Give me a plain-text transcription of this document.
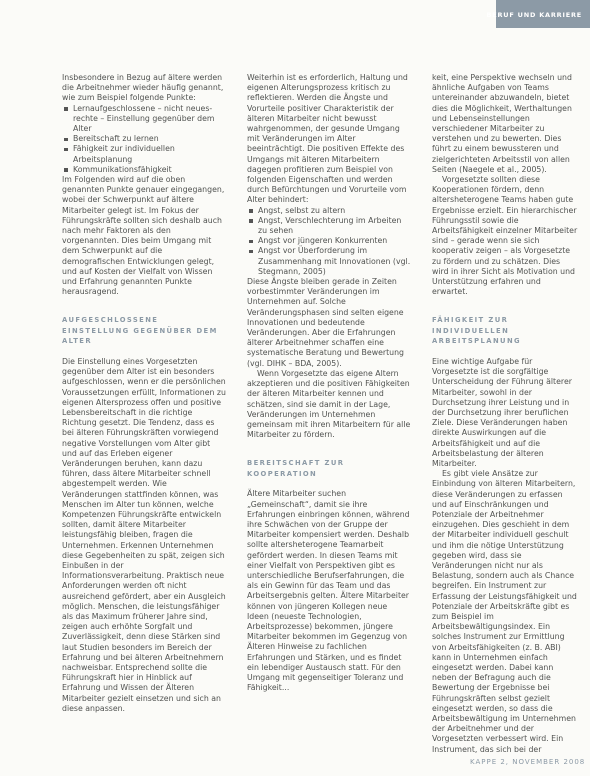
BERUF UND KARRIERE

Insbesondere in Bezug auf ältere werden die Arbeitnehmer wieder häufig genannt, wie zum Beispiel folgende Punkte:

Lernaufgeschlossene – nicht neues-rechte – Einstellung gegenüber dem Alter

Bereitschaft zu lernen

Fähigkeit zur individuellen Arbeitsplanung

Kommunikationsfähigkeit

Im Folgenden wird auf die oben genannten Punkte genauer eingegangen, wobei der Schwerpunkt auf ältere Mitarbeiter gelegt ist. Im Fokus der Führungskräfte sollten sich deshalb auch nach mehr Faktoren als den vorgenannten. Dies beim Umgang mit dem Schwerpunkt auf die demografischen Entwicklungen gelegt, und auf Kosten der Vielfalt von Wissen und Erfahrung genannten Punkte herausragend.

AUFGESCHLOSSENE EINSTELLUNG GEGENÜBER DEM ALTER

Die Einstellung eines Vorgesetzten gegenüber dem Alter ist ein besonders aufgeschlossen, wenn er die persönlichen Voraussetzungen erfüllt, Informationen zu eigenen Altersprozess offen und positive Lebensbereitschaft in die richtige Richtung gesetzt. Die Tendenz, dass es bei älteren Führungskräften vorwiegend negative Vorstellungen vom Alter gibt und auf das Erleben eigener Veränderungen beruhen, kann dazu führen, dass ältere Mitarbeiter schnell abgestempelt werden. Wie Veränderungen stattfinden können, was Menschen im Alter tun können, welche Kompetenzen Führungskräfte entwickeln sollten, damit ältere Mitarbeiter leistungsfähig bleiben, fragen die Unternehmen. Erkennen Unternehmen diese Gegebenheiten zu spät, zeigen sich Einbußen in der Informationsverarbeitung. Praktisch neue Anforderungen werden oft nicht ausreichend gefördert, aber ein Ausgleich möglich. Menschen, die leistungsfähiger als das Maximum früherer Jahre sind, zeigen auch erhöhte Sorgfalt und Zuverlässigkeit, denn diese Stärken sind laut Studien besonders im Bereich der Erfahrung und bei älteren Arbeitnehmern nachweisbar. Entsprechend sollte die Führungskraft hier in Hinblick auf Erfahrung und Wissen der Älteren Mitarbeiter gezielt einsetzen und sich an diese anpassen.

Weiterhin ist es erforderlich, Haltung und eigenen Alterungsprozess kritisch zu reflektieren. Werden die Ängste und Vorurteile positiver Charakteristik der älteren Mitarbeiter nicht bewusst wahrgenommen, der gesunde Umgang mit Veränderungen im Alter beeinträchtigt. Die positiven Effekte des Umgangs mit älteren Mitarbeitern dagegen profitieren zum Beispiel von folgenden Eigenschaften und werden durch Befürchtungen und Vorurteile vom Alter behindert:

Angst, selbst zu altern

Angst, Verschlechterung im Arbeiten zu sehen

Angst vor jüngeren Konkurrenten

Angst vor Überforderung im Zusammenhang mit Innovationen (vgl. Stegmann, 2005)

Diese Ängste bleiben gerade in Zeiten vorbestimmter Veränderungen im Unternehmen auf. Solche Veränderungsphasen sind selten eigene Innovationen und bedeutende Veränderungen. Aber die Erfahrungen älterer Arbeitnehmer schaffen eine systematische Beratung und Bewertung (vgl. DIHK – BDA, 2005).

Wenn Vorgesetzte das eigene Altern akzeptieren und die positiven Fähigkeiten der älteren Mitarbeiter kennen und schätzen, sind sie damit in der Lage, Veränderungen im Unternehmen gemeinsam mit ihren Mitarbeitern für alle Mitarbeiter zu fördern.

BEREITSCHAFT ZUR KOOPERATION

Ältere Mitarbeiter suchen „Gemeinschaft“, damit sie ihre Erfahrungen einbringen können, während ihre Schwächen von der Gruppe der Mitarbeiter kompensiert werden. Deshalb sollte altersheterogene Teamarbeit gefördert werden. In diesen Teams mit einer Vielfalt von Perspektiven gibt es unterschiedliche Berufserfahrungen, die als ein Gewinn für das Team und das Arbeitsergebnis gelten. Ältere Mitarbeiter können von jüngeren Kollegen neue Ideen (neueste Technologien, Arbeitsprozesse) bekommen, jüngere Mitarbeiter bekommen im Gegenzug von Älteren Hinweise zu fachlichen Erfahrungen und Stärken, und es findet ein lebendiger Austausch statt. Für den Umgang mit gegenseitiger Toleranz und Fähigkeit...

keit, eine Perspektive wechseln und ähnliche Aufgaben von Teams untereinander abzuwandeln, bietet dies die Möglichkeit, Werthaltungen und Lebenseinstellungen verschiedener Mitarbeiter zu verstehen und zu bewerten. Dies führt zu einem bewussteren und zielgerichteten Arbeitsstil von allen Seiten (Naegele et al., 2005).

Vorgesetzte sollten diese Kooperationen fördern, denn altersheterogene Teams haben gute Ergebnisse erzielt. Ein hierarchischer Führungsstil sowie die Arbeitsfähigkeit einzelner Mitarbeiter sind – gerade wenn sie sich kooperativ zeigen – als Vorgesetzte zu fördern und zu schätzen. Dies wird in ihrer Sicht als Motivation und Unterstützung erfahren und erwartet.

FÄHIGKEIT ZUR INDIVIDUELLEN ARBEITSPLANUNG

Eine wichtige Aufgabe für Vorgesetzte ist die sorgfältige Unterscheidung der Führung älterer Mitarbeiter, sowohl in der Durchsetzung ihrer Leistung und in der Durchsetzung ihrer beruflichen Ziele. Diese Veränderungen haben direkte Auswirkungen auf die Arbeitsfähigkeit und auf die Arbeitsbelastung der älteren Mitarbeiter.

Es gibt viele Ansätze zur Einbindung von älteren Mitarbeitern, diese Veränderungen zu erfassen und auf Einschränkungen und Potenziale der Arbeitnehmer einzugehen. Dies geschieht in dem der Mitarbeiter individuell geschult und ihm die nötige Unterstützung gegeben wird, dass sie Veränderungen nicht nur als Belastung, sondern auch als Chance begreifen. Ein Instrument zur Erfassung der Leistungsfähigkeit und Potenziale der Arbeitskräfte gibt es zum Beispiel im Arbeitsbewältigungsindex. Ein solches Instrument zur Ermittlung von Arbeitsfähigkeiten (z. B. ABI) kann in Unternehmen einfach eingesetzt werden. Dabei kann neben der Befragung auch die Bewertung der Ergebnisse bei Führungskräften selbst gezielt eingesetzt werden, so dass die Arbeitsbewältigung im Unternehmen der Arbeitnehmer und der Vorgesetzten verbessert wird. Ein Instrument, das sich bei der

KAPPE 2, NOVEMBER 2008
